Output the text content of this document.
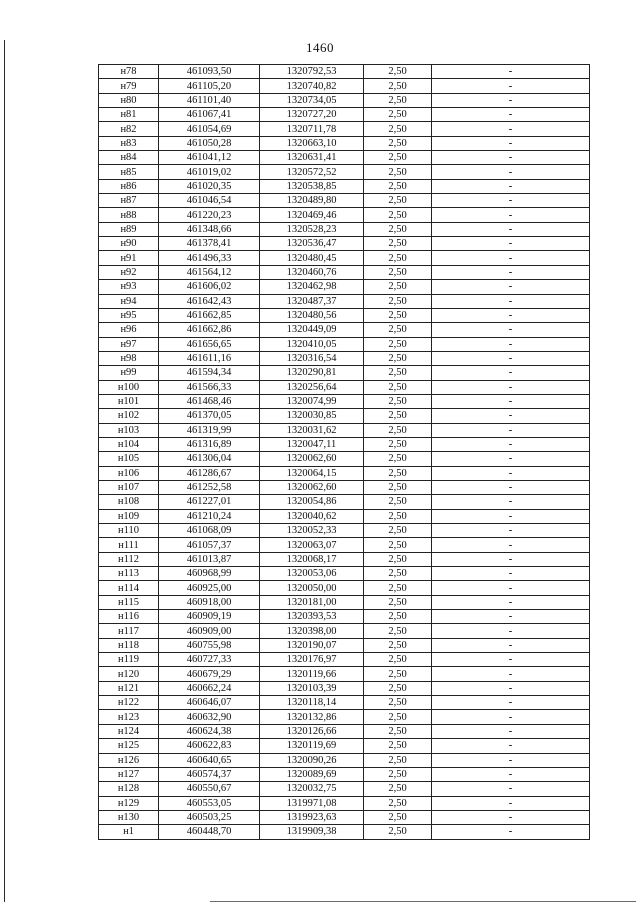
1460
н78	461093,50	1320792,53	2,50	-
н79	461105,20	1320740,82	2,50	-
н80	461101,40	1320734,05	2,50	-
н81	461067,41	1320727,20	2,50	-
н82	461054,69	1320711,78	2,50	-
н83	461050,28	1320663,10	2,50	-
н84	461041,12	1320631,41	2,50	-
н85	461019,02	1320572,52	2,50	-
н86	461020,35	1320538,85	2,50	-
н87	461046,54	1320489,80	2,50	-
н88	461220,23	1320469,46	2,50	-
н89	461348,66	1320528,23	2,50	-
н90	461378,41	1320536,47	2,50	-
н91	461496,33	1320480,45	2,50	-
н92	461564,12	1320460,76	2,50	-
н93	461606,02	1320462,98	2,50	-
н94	461642,43	1320487,37	2,50	-
н95	461662,85	1320480,56	2,50	-
н96	461662,86	1320449,09	2,50	-
н97	461656,65	1320410,05	2,50	-
н98	461611,16	1320316,54	2,50	-
н99	461594,34	1320290,81	2,50	-
н100	461566,33	1320256,64	2,50	-
н101	461468,46	1320074,99	2,50	-
н102	461370,05	1320030,85	2,50	-
н103	461319,99	1320031,62	2,50	-
н104	461316,89	1320047,11	2,50	-
н105	461306,04	1320062,60	2,50	-
н106	461286,67	1320064,15	2,50	-
н107	461252,58	1320062,60	2,50	-
н108	461227,01	1320054,86	2,50	-
н109	461210,24	1320040,62	2,50	-
н110	461068,09	1320052,33	2,50	-
н111	461057,37	1320063,07	2,50	-
н112	461013,87	1320068,17	2,50	-
н113	460968,99	1320053,06	2,50	-
н114	460925,00	1320050,00	2,50	-
н115	460918,00	1320181,00	2,50	-
н116	460909,19	1320393,53	2,50	-
н117	460909,00	1320398,00	2,50	-
н118	460755,98	1320190,07	2,50	-
н119	460727,33	1320176,97	2,50	-
н120	460679,29	1320119,66	2,50	-
н121	460662,24	1320103,39	2,50	-
н122	460646,07	1320118,14	2,50	-
н123	460632,90	1320132,86	2,50	-
н124	460624,38	1320126,66	2,50	-
н125	460622,83	1320119,69	2,50	-
н126	460640,65	1320090,26	2,50	-
н127	460574,37	1320089,69	2,50	-
н128	460550,67	1320032,75	2,50	-
н129	460553,05	1319971,08	2,50	-
н130	460503,25	1319923,63	2,50	-
н1	460448,70	1319909,38	2,50	-
